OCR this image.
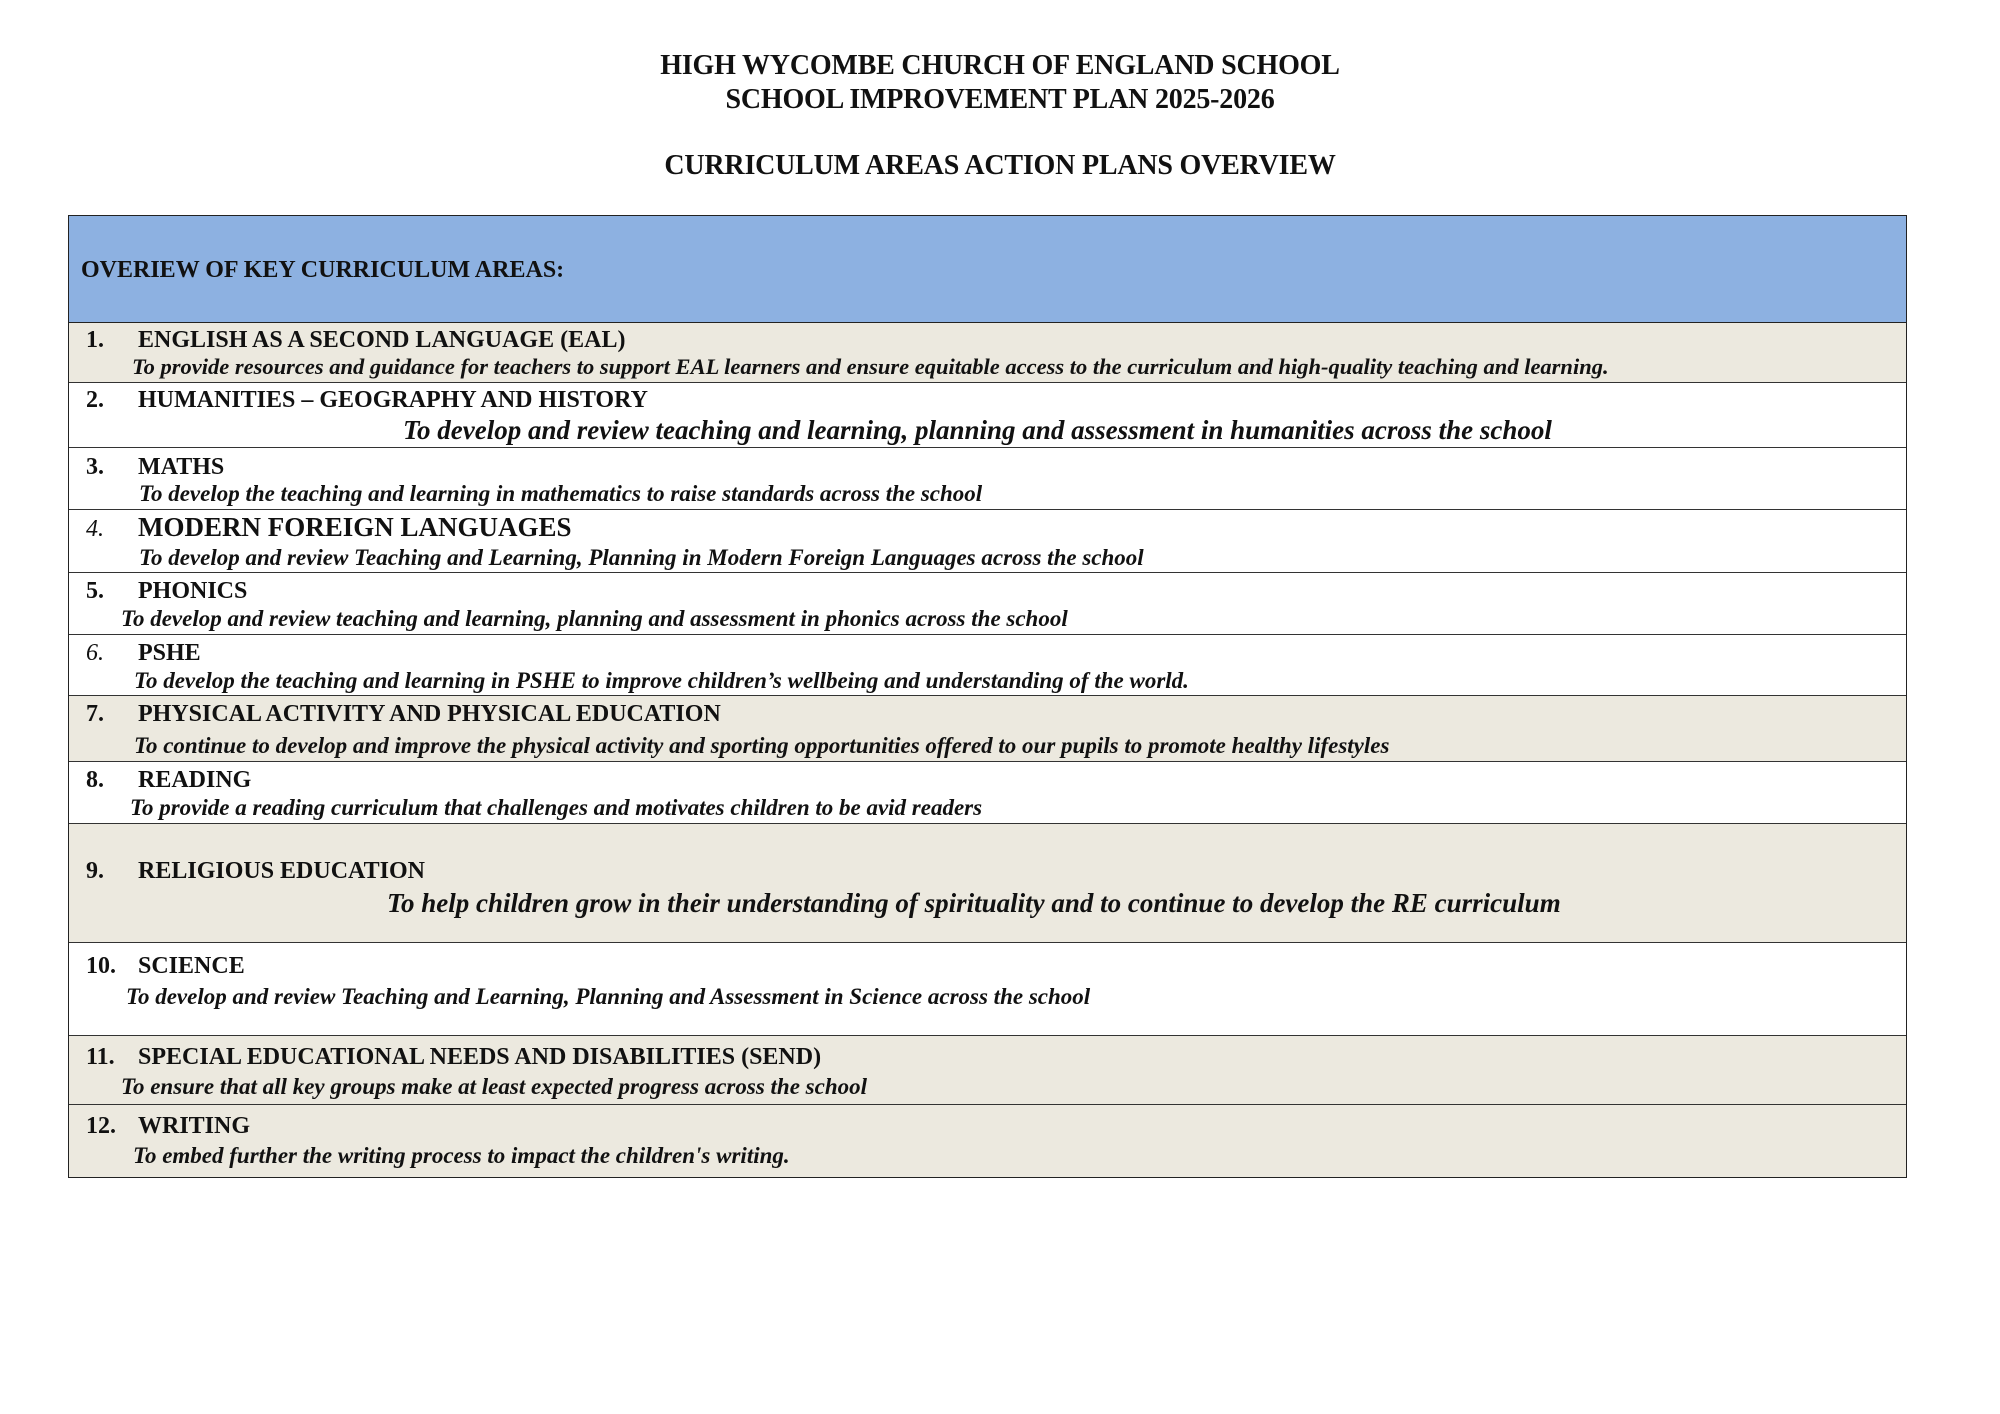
HIGH WYCOMBE CHURCH OF ENGLAND SCHOOL
SCHOOL IMPROVEMENT PLAN 2025-2026
CURRICULUM AREAS ACTION PLANS OVERVIEW
OVERIEW OF KEY CURRICULUM AREAS:
1. ENGLISH AS A SECOND LANGUAGE (EAL)
To provide resources and guidance for teachers to support EAL learners and ensure equitable access to the curriculum and high-quality teaching and learning.
2. HUMANITIES – GEOGRAPHY AND HISTORY
To develop and review teaching and learning, planning and assessment in humanities across the school
3. MATHS
To develop the teaching and learning in mathematics to raise standards across the school
4. MODERN FOREIGN LANGUAGES
To develop and review Teaching and Learning, Planning in Modern Foreign Languages across the school
5. PHONICS
To develop and review teaching and learning, planning and assessment in phonics across the school
6. PSHE
To develop the teaching and learning in PSHE to improve children’s wellbeing and understanding of the world.
7. PHYSICAL ACTIVITY AND PHYSICAL EDUCATION
To continue to develop and improve the physical activity and sporting opportunities offered to our pupils to promote healthy lifestyles
8. READING
To provide a reading curriculum that challenges and motivates children to be avid readers
9. RELIGIOUS EDUCATION
To help children grow in their understanding of spirituality and to continue to develop the RE curriculum
10. SCIENCE
To develop and review Teaching and Learning, Planning and Assessment in Science across the school
11. SPECIAL EDUCATIONAL NEEDS AND DISABILITIES (SEND)
To ensure that all key groups make at least expected progress across the school
12. WRITING
To embed further the writing process to impact the children's writing.
